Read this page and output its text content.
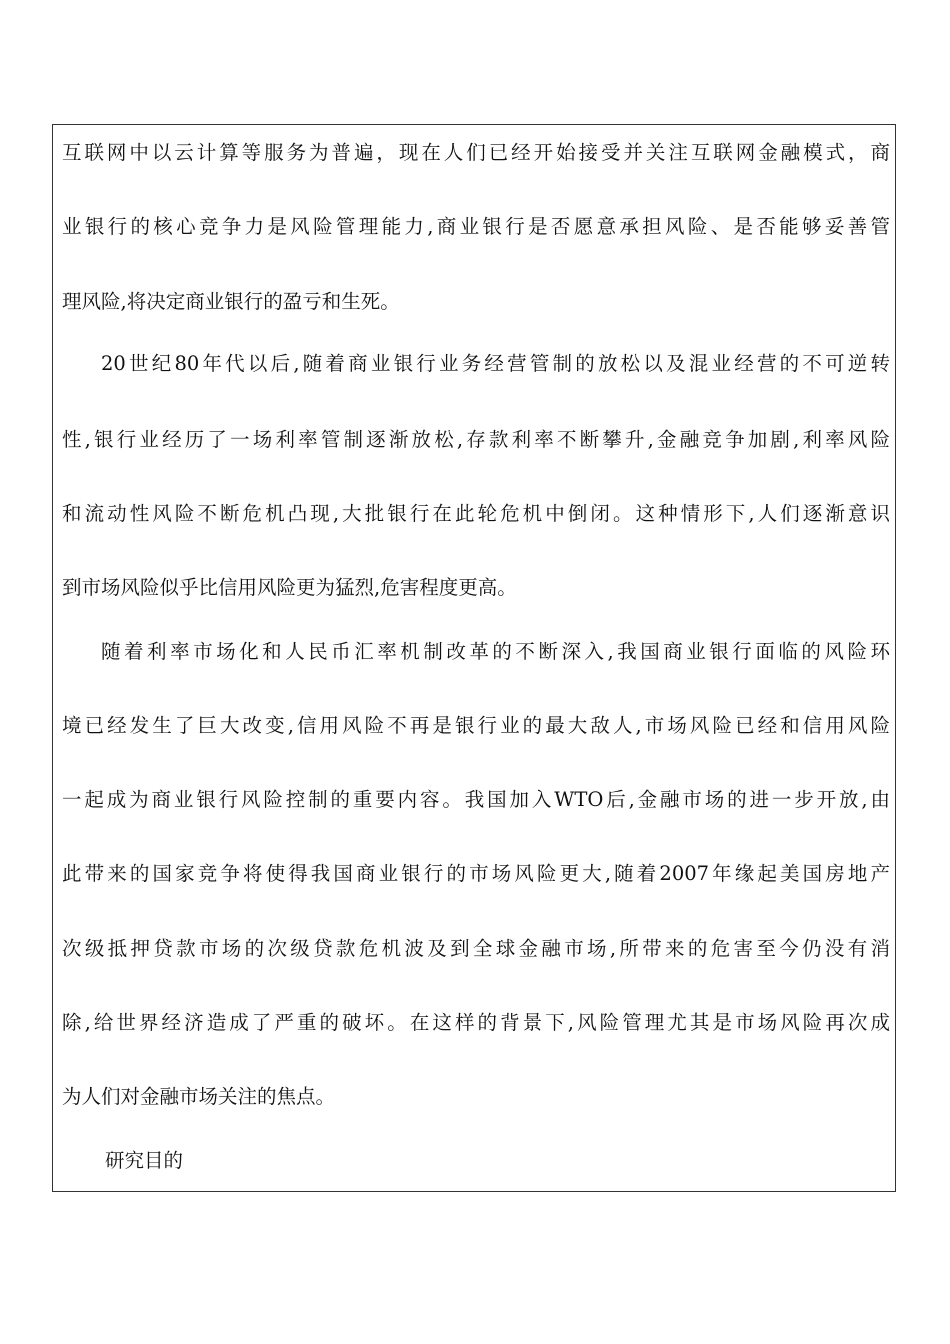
互联网中以云计算等服务为普遍，现在人们已经开始接受并关注互联网金融模式，商
业银行的核心竞争力是风险管理能力,商业银行是否愿意承担风险、是否能够妥善管
理风险,将决定商业银行的盈亏和生死。
20世纪80年代以后,随着商业银行业务经营管制的放松以及混业经营的不可逆转
性,银行业经历了一场利率管制逐渐放松,存款利率不断攀升,金融竞争加剧,利率风险
和流动性风险不断危机凸现,大批银行在此轮危机中倒闭。这种情形下,人们逐渐意识
到市场风险似乎比信用风险更为猛烈,危害程度更高。
随着利率市场化和人民币汇率机制改革的不断深入,我国商业银行面临的风险环
境已经发生了巨大改变,信用风险不再是银行业的最大敌人,市场风险已经和信用风险
一起成为商业银行风险控制的重要内容。我国加入WTO后,金融市场的进一步开放,由
此带来的国家竞争将使得我国商业银行的市场风险更大,随着2007年缘起美国房地产
次级抵押贷款市场的次级贷款危机波及到全球金融市场,所带来的危害至今仍没有消
除,给世界经济造成了严重的破坏。在这样的背景下,风险管理尤其是市场风险再次成
为人们对金融市场关注的焦点。
研究目的
